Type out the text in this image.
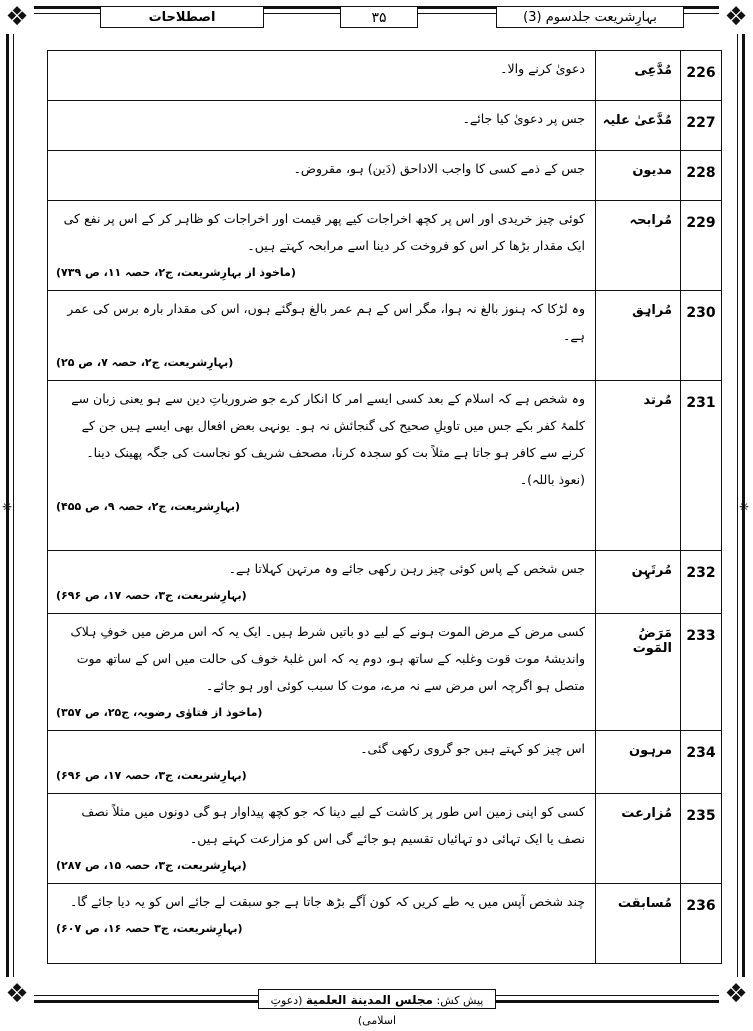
❖	❖
❖	❖
❈	❈
بہارِشریعت جلدسوم (3)
۳۵
اصطلاحات
226	مُدَّعِی	دعویٰ کرنے والا۔
227	مُدَّعیٰ علیہ	جس پر دعویٰ کیا جائے۔
228	مدیون	جس کے ذمے کسی کا واجب الاداحق (دَین) ہو، مقروض۔
229	مُرابحہ	کوئی چیز خریدی اور اس پر کچھ اخراجات کیے پھر قیمت اور اخراجات کو ظاہر کر کے اس پر نفع کی ایک مقدار بڑھا کر اس کو فروخت کر دینا اسے مرابحہ کہتے ہیں۔
(ماخوذ از بہارِشریعت، ج۲، حصہ ۱۱، ص ۷۳۹)

230	مُراہِق	وہ لڑکا کہ ہنوز بالغ نہ ہوا، مگر اس کے ہم عمر بالغ ہوگئے ہوں، اس کی مقدار بارہ برس کی عمر ہے۔
(بہارِشریعت، ج۲، حصہ ۷، ص ۲۵)

231	مُرتد	وہ شخص ہے کہ اسلام کے بعد کسی ایسے امر کا انکار کرے جو ضروریاتِ دین سے ہو یعنی زبان سے کلمۂ کفر بکے جس میں تاویلِ صحیح کی گنجائش نہ ہو۔ یونہی بعض افعال بھی ایسے ہیں جن کے کرنے سے کافر ہو جاتا ہے مثلاً بت کو سجدہ کرنا، مصحف شریف کو نجاست کی جگہ پھینک دینا۔ (نعوذ باللہ)۔
(بہارِشریعت، ج۲، حصہ ۹، ص ۴۵۵)

232	مُرتَہِن	جس شخص کے پاس کوئی چیز رہن رکھی جائے وہ مرتہن کہلاتا ہے۔
(بہارِشریعت، ج۳، حصہ ۱۷، ص ۶۹۶)

233	مَرَضُ المَوت	کسی مرض کے مرض الموت ہونے کے لیے دو باتیں شرط ہیں۔ ایک یہ کہ اس مرض میں خوفِ ہلاک واندیشۂ موت قوت وغلبہ کے ساتھ ہو، دوم یہ کہ اس غلبۂ خوف کی حالت میں اس کے ساتھ موت متصل ہو اگرچہ اس مرض سے نہ مرے، موت کا سبب کوئی اور ہو جائے۔
(ماخوذ از فتاوٰی رضویہ، ج۲۵، ص ۳۵۷)

234	مرہون	اس چیز کو کہتے ہیں جو گروی رکھی گئی۔
(بہارِشریعت، ج۳، حصہ ۱۷، ص ۶۹۶)

235	مُزارعت	کسی کو اپنی زمین اس طور پر کاشت کے لیے دینا کہ جو کچھ پیداوار ہو گی دونوں میں مثلاً نصف نصف یا ایک تہائی دو تہائیاں تقسیم ہو جائے گی اس کو مزارعت کہتے ہیں۔
(بہارِشریعت، ج۳، حصہ ۱۵، ص ۲۸۷)

236	مُسابقت	چند شخص آپس میں یہ طے کریں کہ کون آگے بڑھ جاتا ہے جو سبقت لے جائے اس کو یہ دیا جائے گا۔
(بہارِشریعت، ج۳ حصہ ۱۶، ص ۶۰۷)
پیش کش: مجلس المدینة العلمیة (دعوتِ اسلامی)
